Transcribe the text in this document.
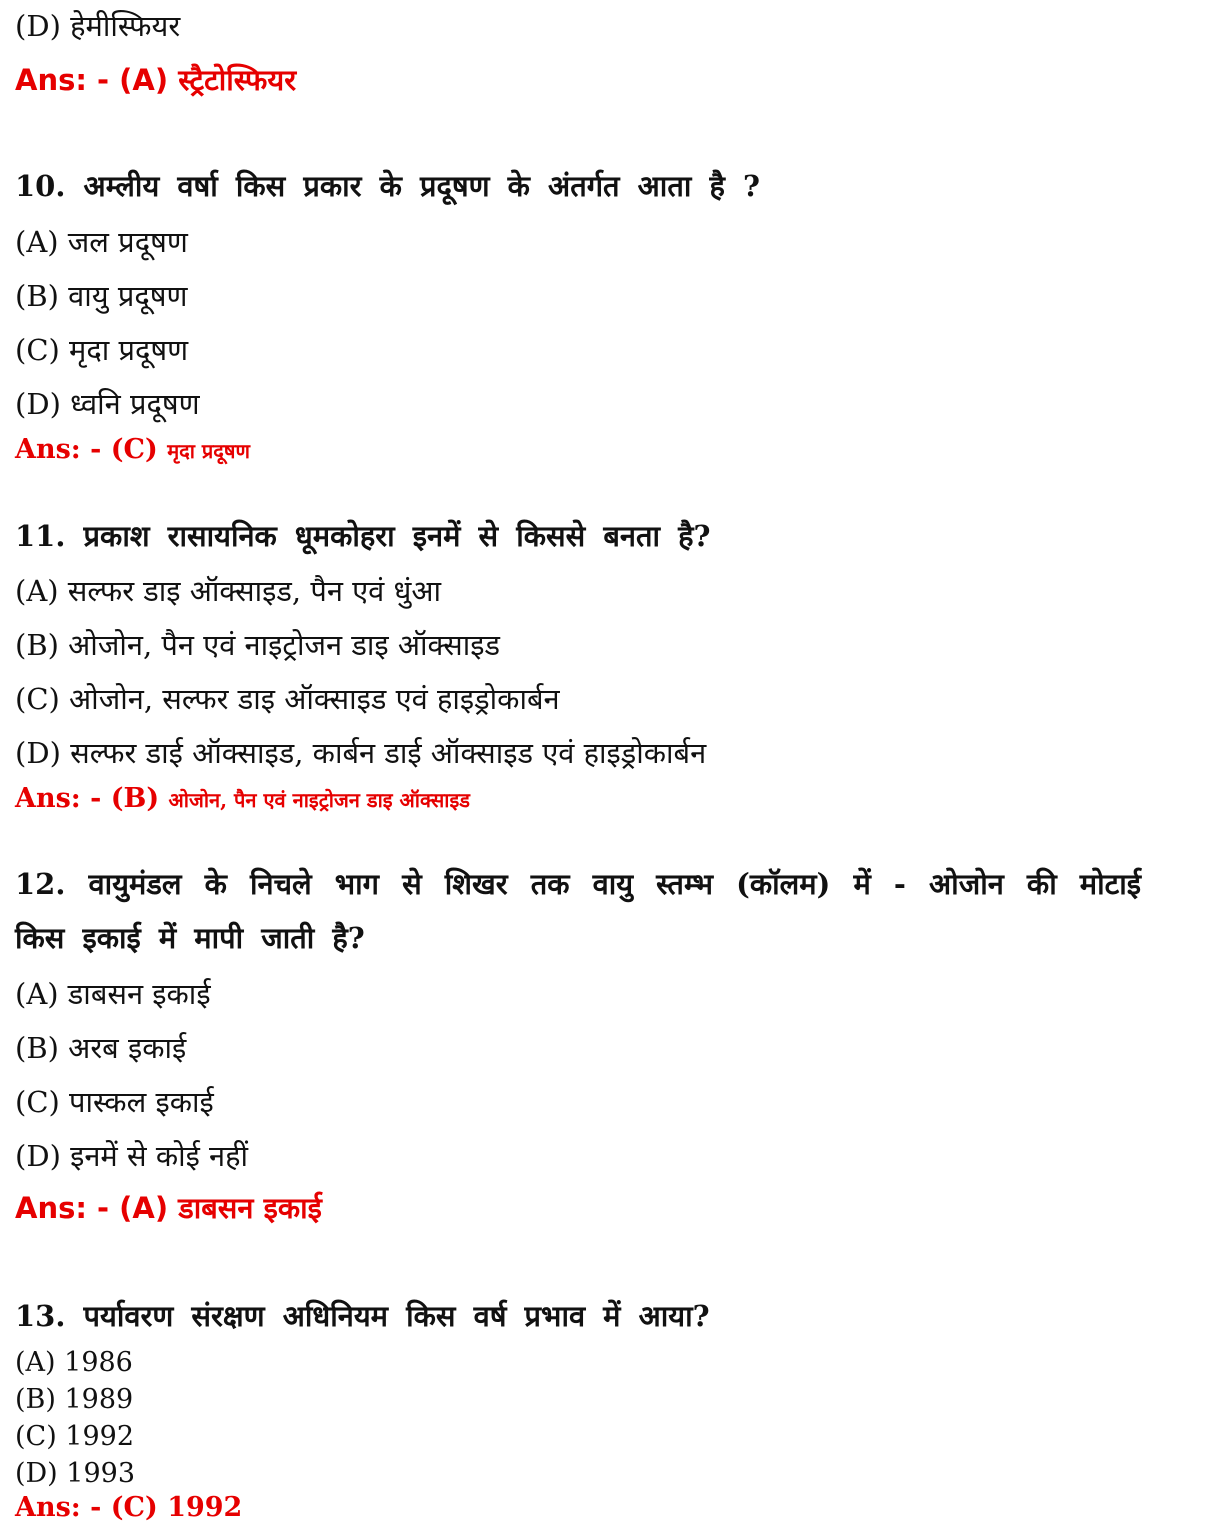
(D) हेमीस्फियर
Ans: - (A) स्ट्रैटोस्फियर
10. अम्लीय वर्षा किस प्रकार के प्रदूषण के अंतर्गत आता है ?
(A) जल प्रदूषण
(B) वायु प्रदूषण
(C) मृदा प्रदूषण
(D) ध्वनि प्रदूषण
Ans: - (C) मृदा प्रदूषण
11. प्रकाश रासायनिक धूमकोहरा इनमें से किससे बनता है?
(A) सल्फर डाइ ऑक्साइड, पैन एवं धुंआ
(B) ओजोन, पैन एवं नाइट्रोजन डाइ ऑक्साइड
(C) ओजोन, सल्फर डाइ ऑक्साइड एवं हाइड्रोकार्बन
(D) सल्फर डाई ऑक्साइड, कार्बन डाई ऑक्साइड एवं हाइड्रोकार्बन
Ans: - (B) ओजोन, पैन एवं नाइट्रोजन डाइ ऑक्साइड
12. वायुमंडल के निचले भाग से शिखर तक वायु स्तम्भ (कॉलम) में - ओजोन की मोटाई
किस इकाई में मापी जाती है?
(A) डाबसन इकाई
(B) अरब इकाई
(C) पास्कल इकाई
(D) इनमें से कोई नहीं
Ans: - (A) डाबसन इकाई
13. पर्यावरण संरक्षण अधिनियम किस वर्ष प्रभाव में आया?
(A) 1986
(B) 1989
(C) 1992
(D) 1993
Ans: - (C) 1992
